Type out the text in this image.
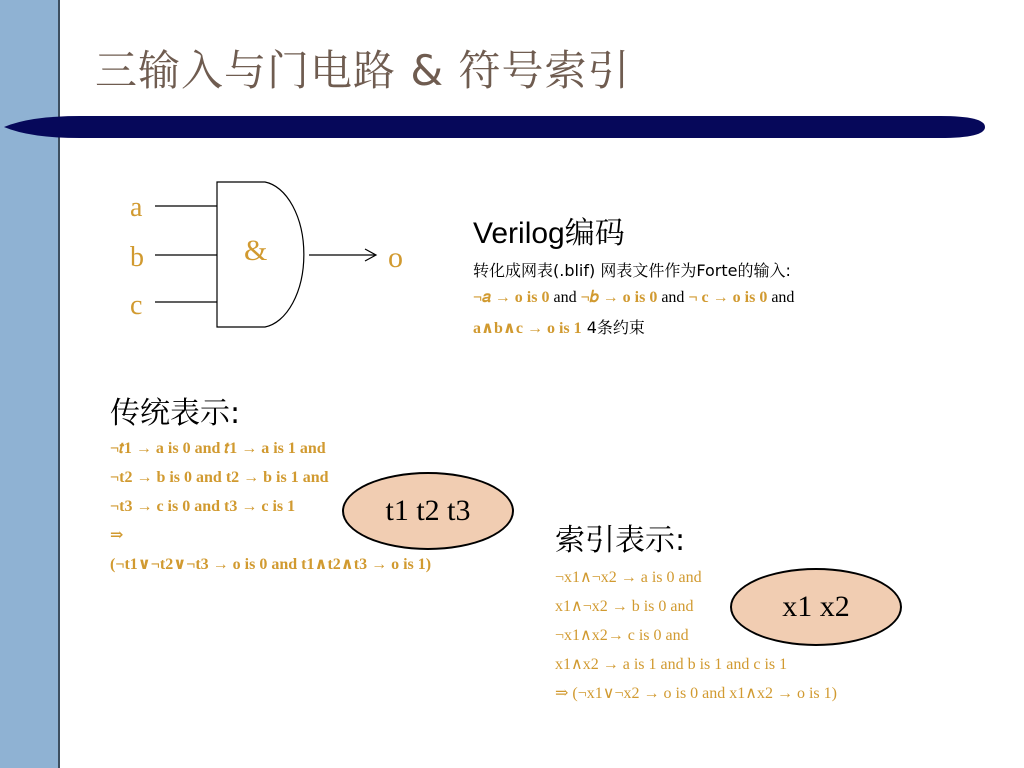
三输入与门电路 & 符号索引
a
b
c
&	o
Verilog编码
转化成网表(.blif) 网表文件作为Forte的输入:
¬𝑎 → o is 0 and ¬𝑏 → o is 0 and ¬ c → o is 0 and
a∧b∧c → o is 1 4条约束
传统表示:
¬𝑡1 → a is 0 and 𝑡1 → a is 1 and
¬t2 → b is 0 and t2 → b is 1 and
¬t3 → c is 0 and t3 → c is 1
⇒
(¬t1∨¬t2∨¬t3 → o is 0 and t1∧t2∧t3 → o is 1)
t1 t2 t3
索引表示:
¬x1∧¬x2 → a is 0 and
x1∧¬x2 → b is 0 and
¬x1∧x2→ c is 0 and
x1∧x2 → a is 1 and b is 1 and c is 1
⇒ (¬x1∨¬x2 → o is 0 and x1∧x2 → o is 1)
x1 x2
